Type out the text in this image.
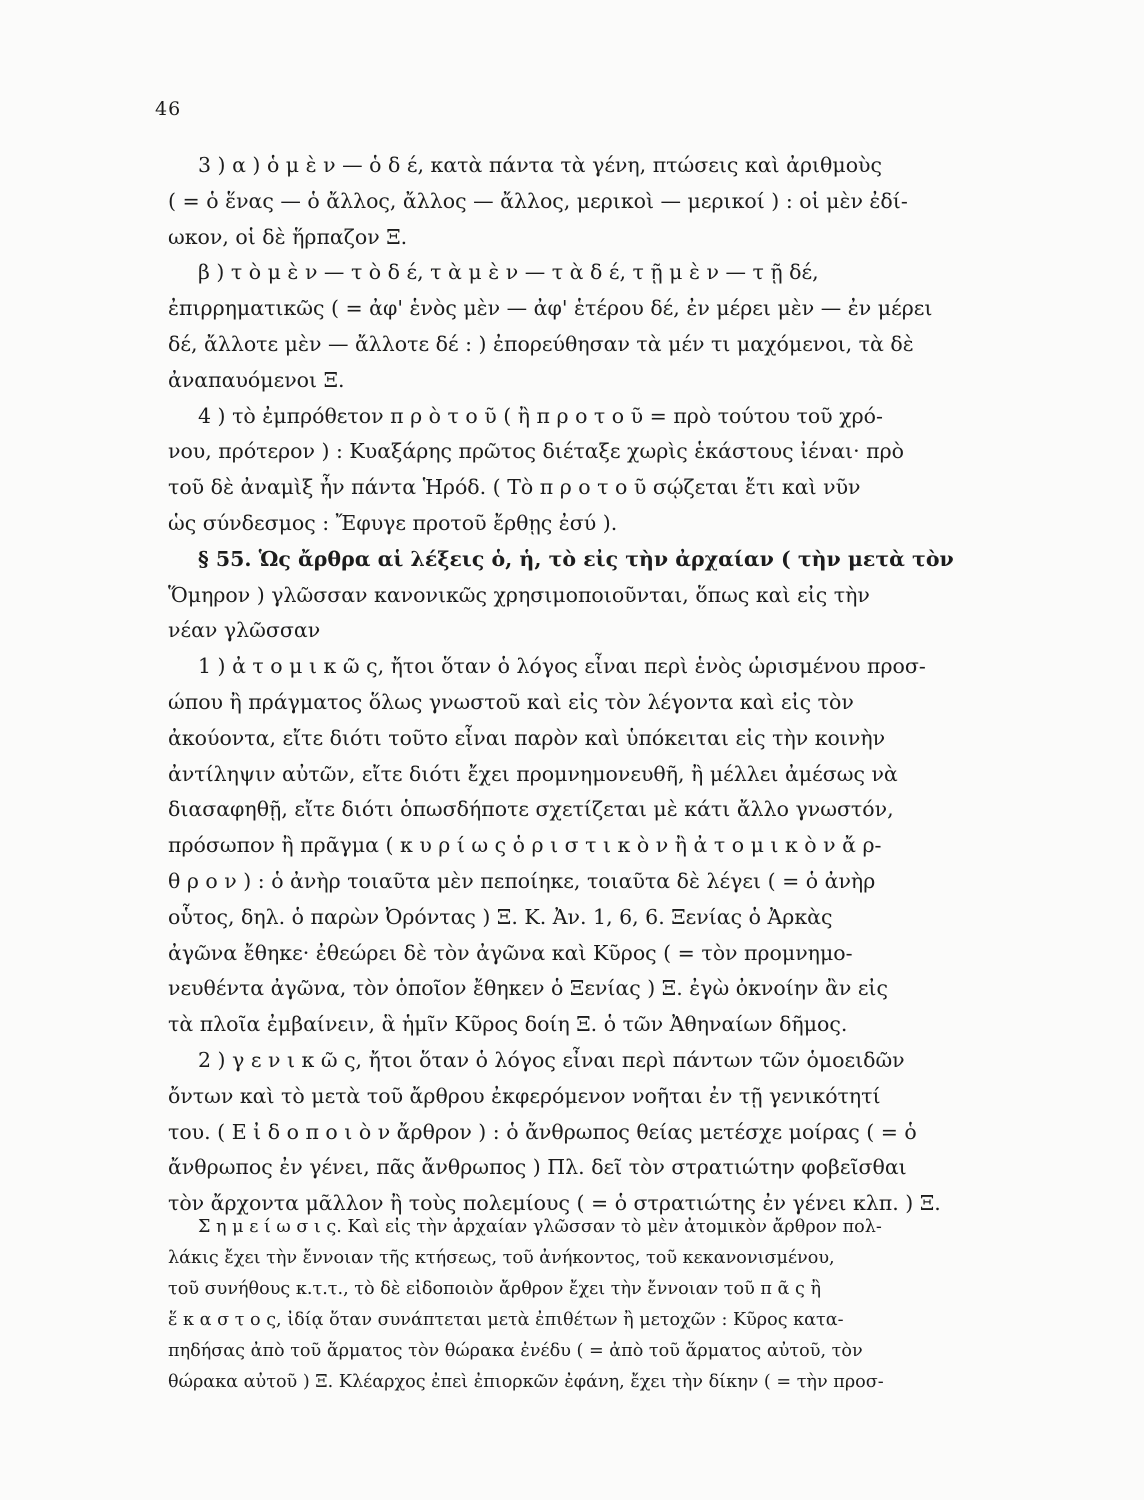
46
3 ) α ) ὁ μ ὲ ν — ὁ δ έ, κατὰ πάντα τὰ γένη, πτώσεις καὶ ἀριθμοὺς
( = ὁ ἕνας — ὁ ἄλλος, ἄλλος — ἄλλος, μερικοὶ — μερικοί ) : οἱ μὲν ἐδί-
ωκον, οἱ δὲ ἥρπαζον Ξ.
β ) τ ὸ μ ὲ ν — τ ὸ δ έ, τ ὰ μ ὲ ν — τ ὰ δ έ, τ ῇ μ ὲ ν — τ ῇ δέ,
ἐπιρρηματικῶς ( = ἀφ' ἑνὸς μὲν — ἀφ' ἑτέρου δέ, ἐν μέρει μὲν — ἐν μέρει
δέ, ἄλλοτε μὲν — ἄλλοτε δέ : ) ἐπορεύθησαν τὰ μέν τι μαχόμενοι, τὰ δὲ
ἀναπαυόμενοι Ξ.
4 ) τὸ ἐμπρόθετον π ρ ὸ τ ο ῦ ( ἢ π ρ ο τ ο ῦ = πρὸ τούτου τοῦ χρό-
νου, πρότερον ) : Κυαξάρης πρῶτος διέταξε χωρὶς ἑκάστους ἰέναι· πρὸ
τοῦ δὲ ἀναμὶξ ἦν πάντα Ἡρόδ. ( Τὸ π ρ ο τ ο ῦ σῴζεται ἔτι καὶ νῦν
ὡς σύνδεσμος : Ἔφυγε προτοῦ ἔρθῃς ἐσύ ).
§ 55. Ὡς ἄρθρα αἱ λέξεις ὁ, ἡ, τὸ εἰς τὴν ἀρχαίαν ( τὴν μετὰ τὸν
Ὅμηρον ) γλῶσσαν κανονικῶς χρησιμοποιοῦνται, ὅπως καὶ εἰς τὴν
νέαν γλῶσσαν
1 ) ἀ τ ο μ ι κ ῶ ς, ἤτοι ὅταν ὁ λόγος εἶναι περὶ ἑνὸς ὡρισμένου προσ-
ώπου ἢ πράγματος ὅλως γνωστοῦ καὶ εἰς τὸν λέγοντα καὶ εἰς τὸν
ἀκούοντα, εἴτε διότι τοῦτο εἶναι παρὸν καὶ ὑπόκειται εἰς τὴν κοινὴν
ἀντίληψιν αὐτῶν, εἴτε διότι ἔχει προμνημονευθῆ, ἢ μέλλει ἀμέσως νὰ
διασαφηθῇ, εἴτε διότι ὁπωσδήποτε σχετίζεται μὲ κάτι ἄλλο γνωστόν,
πρόσωπον ἢ πρᾶγμα ( κ υ ρ ί ω ς ὁ ρ ι σ τ ι κ ὸ ν ἢ ἀ τ ο μ ι κ ὸ ν ἄ ρ-
θ ρ ο ν ) : ὁ ἀνὴρ τοιαῦτα μὲν πεποίηκε, τοιαῦτα δὲ λέγει ( = ὁ ἀνὴρ
οὗτος, δηλ. ὁ παρὼν Ὀρόντας ) Ξ. Κ. Ἀν. 1, 6, 6. Ξενίας ὁ Ἀρκὰς
ἀγῶνα ἔθηκε· ἐθεώρει δὲ τὸν ἀγῶνα καὶ Κῦρος ( = τὸν προμνημο-
νευθέντα ἀγῶνα, τὸν ὁποῖον ἔθηκεν ὁ Ξενίας ) Ξ. ἐγὼ ὀκνοίην ἂν εἰς
τὰ πλοῖα ἐμβαίνειν, ἃ ἡμῖν Κῦρος δοίη Ξ. ὁ τῶν Ἀθηναίων δῆμος.
2 ) γ ε ν ι κ ῶ ς, ἤτοι ὅταν ὁ λόγος εἶναι περὶ πάντων τῶν ὁμοειδῶν
ὄντων καὶ τὸ μετὰ τοῦ ἄρθρου ἐκφερόμενον νοῆται ἐν τῇ γενικότητί
του. ( Ε ἰ δ ο π ο ι ὸ ν ἄρθρον ) : ὁ ἄνθρωπος θείας μετέσχε μοίρας ( = ὁ
ἄνθρωπος ἐν γένει, πᾶς ἄνθρωπος ) Πλ. δεῖ τὸν στρατιώτην φοβεῖσθαι
τὸν ἄρχοντα μᾶλλον ἢ τοὺς πολεμίους ( = ὁ στρατιώτης ἐν γένει κλπ. ) Ξ.
Σ η μ ε ί ω σ ι ς. Καὶ εἰς τὴν ἀρχαίαν γλῶσσαν τὸ μὲν ἀτομικὸν ἄρθρον πολ-
λάκις ἔχει τὴν ἔννοιαν τῆς κτήσεως, τοῦ ἀνήκοντος, τοῦ κεκανονισμένου,
τοῦ συνήθους κ.τ.τ., τὸ δὲ εἰδοποιὸν ἄρθρον ἔχει τὴν ἔννοιαν τοῦ π ᾶ ς ἢ
ἕ κ α σ τ ο ς, ἰδίᾳ ὅταν συνάπτεται μετὰ ἐπιθέτων ἢ μετοχῶν : Κῦρος κατα-
πηδήσας ἀπὸ τοῦ ἅρματος τὸν θώρακα ἐνέδυ ( = ἀπὸ τοῦ ἅρματος αὐτοῦ, τὸν
θώρακα αὐτοῦ ) Ξ. Κλέαρχος ἐπεὶ ἐπιορκῶν ἐφάνη, ἔχει τὴν δίκην ( = τὴν προσ-
